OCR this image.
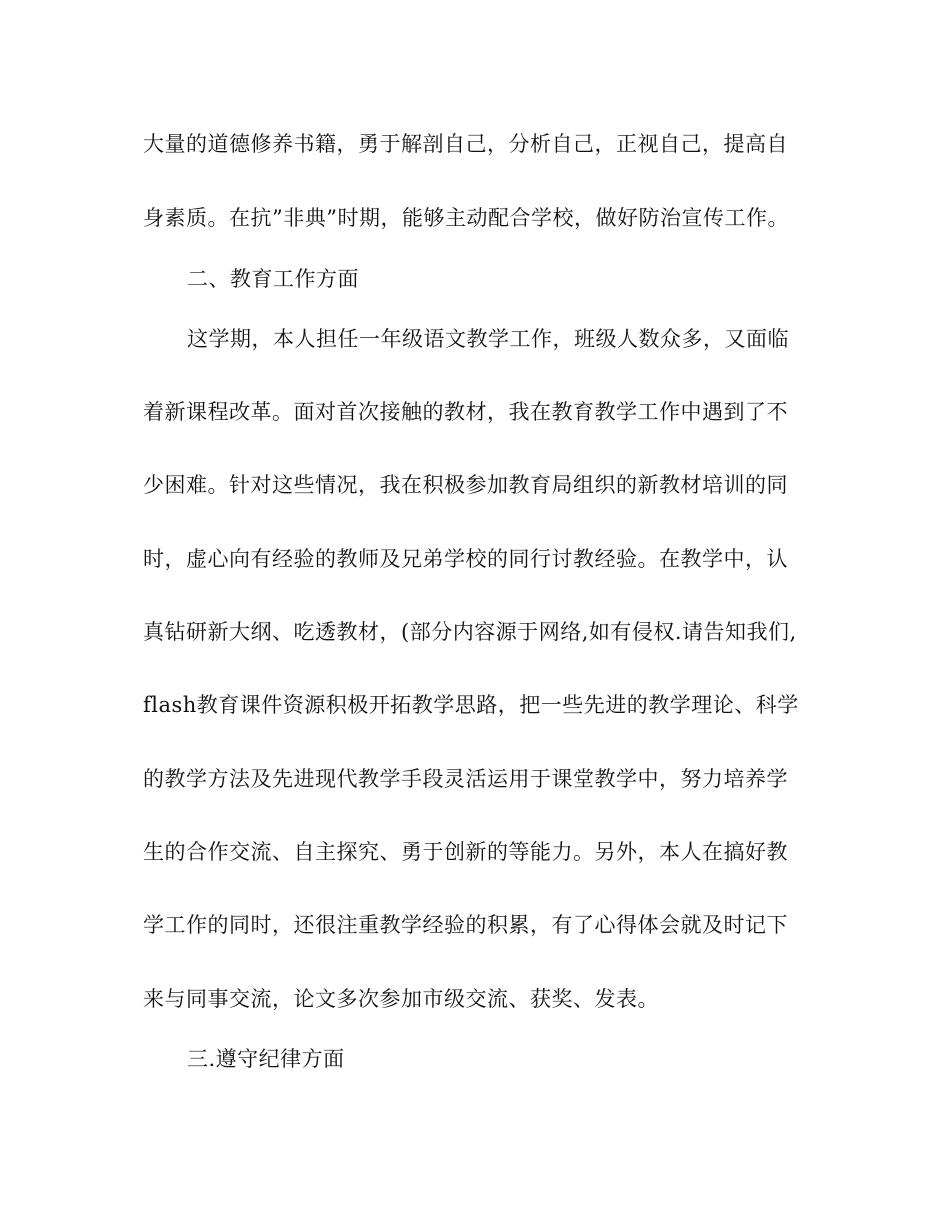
大量的道德修养书籍，勇于解剖自己，分析自己，正视自己，提高自
身素质。在抗”非典”时期，能够主动配合学校，做好防治宣传工作。
二、教育工作方面
这学期，本人担任一年级语文教学工作，班级人数众多，又面临
着新课程改革。面对首次接触的教材，我在教育教学工作中遇到了不
少困难。针对这些情况，我在积极参加教育局组织的新教材培训的同
时，虚心向有经验的教师及兄弟学校的同行讨教经验。在教学中，认
真钻研新大纲、吃透教材，(部分内容源于网络,如有侵权.请告知我们,
flash教育课件资源积极开拓教学思路，把一些先进的教学理论、科学
的教学方法及先进现代教学手段灵活运用于课堂教学中，努力培养学
生的合作交流、自主探究、勇于创新的等能力。另外，本人在搞好教
学工作的同时，还很注重教学经验的积累，有了心得体会就及时记下
来与同事交流，论文多次参加市级交流、获奖、发表。
三.遵守纪律方面
